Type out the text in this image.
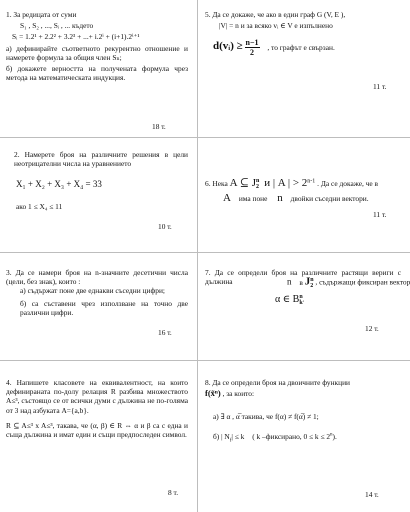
1. За редицата от суми
S₁ , S₂ , ..., Sᵢ , ... където
Sᵢ = 1.2¹ + 2.2² + 3.2³ + ...+ i.2ⁱ + (i+1).2ⁱ⁺¹
a) дефинирайте съответното рекурентно отношение и намерете формула за общия член Sₙ;
б) докажете верността на получената формула чрез метода на математическата индукция.
18 т.
2. Намерете броя на различните решения в цели неотрицателни числа на уравнението
X₁ + X₂ + X₃ + X₄ = 33
ако 1 ≤ X₄ ≤ 11
10 т.
3. Да се намери броя на n-значните десетични числа (цели, без знак), които :
а) съдържат поне две еднакви съседни цифри;
б) са съставени чрез използване на точно две различни цифри.
16 т.
4. Напишете класовете на еквивалентност, на които дефинираната по-долу релация R разбива множеството A≤³, състоящо се от всички думи с дължина не по-голяма от 3 над азбуката A={a,b}.
R ⊆ A≤³ x A≤³, такава, че (α, β) ∈ R ⇔ α и β са с една и съща дължина и имат един и същи предпоследен символ.
8 т.
5. Да се докаже, че ако в един граф G (V, E ),
|V| = n и за всяко vᵢ ∈ V е изпълнено
d(vᵢ) ≥ $\frac{n-1}{2}$ , то графът е свързан.
11 т.
6. Нека A ⊆ J n
2 и | A | > $2^{n-1}$ . Да се докаже, че в
A има поне n двойки съседни вектори.
11 т.
7. Да се определи броя на различните растящи вериги с дължина	n в J n
2 , съдържащи фиксиран вектор
α ∈ B n
k .
12 т.
8. Да се определи броя на двоичните функции
f(x̃ⁿ) , за които:
а) ∃ α , α̅ такива, че f(α) ≠ f(α̅) ≠ 1;
б) | $N_f| \le k$ ( k –фиксирано, $0 \le k \le 2^n$).
14 т.
